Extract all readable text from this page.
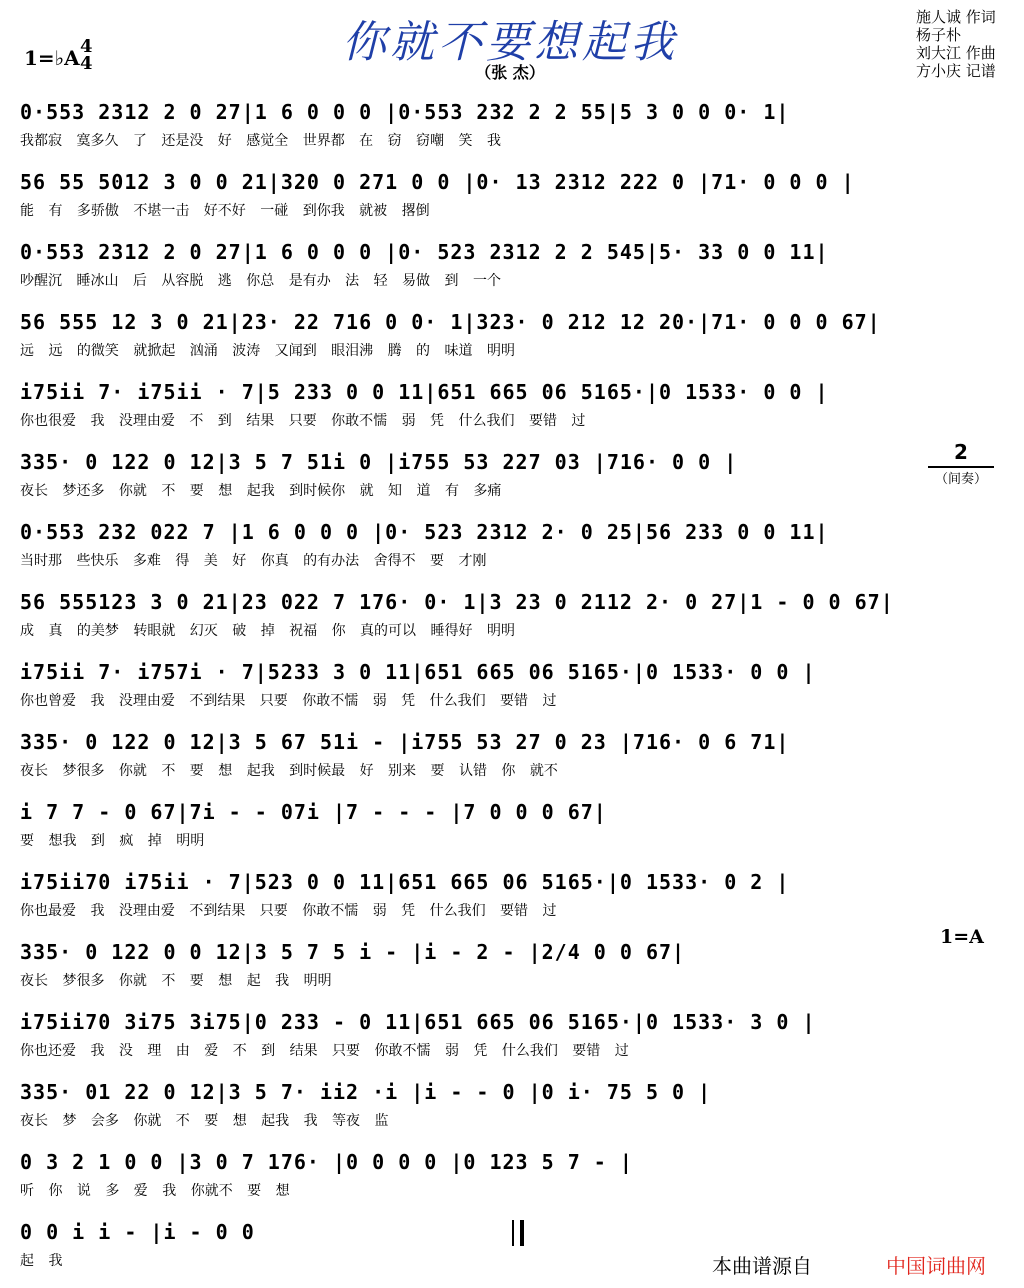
你就不要想起我
（张 杰）
1=♭A 4
4
施人诚 作词
杨子朴
刘大江 作曲
方小庆 记谱
0·553 2312 2 0 27|1 6 0 0 0 |0·553 232 2 2 55|5 3 0 0 0· 1|
我都寂 寞多久 了 还是没 好 感觉全 世界都 在 窃 窃嘲 笑 我
56 55 5012 3 0 0 21|320 0 271 0 0 |0· 13 2312 222 0 |71· 0 0 0 |
能 有 多骄傲 不堪一击 好不好 一碰 到你我 就被 撂倒
0·553 2312 2 0 27|1 6 0 0 0 |0· 523 2312 2 2 545|5· 33 0 0 11|
吵醒沉 睡冰山 后 从容脱 逃 你总 是有办 法 轻 易做 到 一个
56 555 12 3 0 21|23· 22 716 0 0· 1|323· 0 212 12 20·|71· 0 0 0 67|
远 远 的微笑 就掀起 汹涌 波涛 又闻到 眼泪沸 腾 的 味道 明明
i75ii 7· i75ii · 7|5 233 0 0 11|651 665 06 5165·|0 1533· 0 0 |
你也很爱 我 没理由爱 不 到 结果 只要 你敢不懦 弱 凭 什么我们 要错 过
335· 0 122 0 12|3 5 7 51i 0 |i755 53 227 03 |716· 0 0 |
夜长 梦还多 你就 不 要 想 起我 到时候你 就 知 道 有 多痛
0·553 232 022 7 |1 6 0 0 0 |0· 523 2312 2· 0 25|56 233 0 0 11|
当时那 些快乐 多难 得 美 好 你真 的有办法 舍得不 要 才刚
56 555123 3 0 21|23 022 7 176· 0· 1|3 23 0 2112 2· 0 27|1 - 0 0 67|
成 真 的美梦 转眼就 幻灭 破 掉 祝福 你 真的可以 睡得好 明明
i75ii 7· i757i · 7|5233 3 0 11|651 665 06 5165·|0 1533· 0 0 |
你也曾爱 我 没理由爱 不到结果 只要 你敢不懦 弱 凭 什么我们 要错 过
335· 0 122 0 12|3 5 67 51i - |i755 53 27 0 23 |716· 0 6 71|
夜长 梦很多 你就 不 要 想 起我 到时候最 好 别来 要 认错 你 就不
i 7 7 - 0 67|7i - - 07i |7 - - - |7 0 0 0 67|
要 想我 到 疯 掉 明明
i75ii70 i75ii · 7|523 0 0 11|651 665 06 5165·|0 1533· 0 2 |
你也最爱 我 没理由爱 不到结果 只要 你敢不懦 弱 凭 什么我们 要错 过
335· 0 122 0 0 12|3 5 7 5 i - |i - 2 - |2/4 0 0 67|
夜长 梦很多 你就 不 要 想 起 我 明明
i75ii70 3i75 3i75|0 233 - 0 11|651 665 06 5165·|0 1533· 3 0 |
你也还爱 我 没 理 由 爱 不 到 结果 只要 你敢不懦 弱 凭 什么我们 要错 过
335· 01 22 0 12|3 5 7· ii2 ·i |i - - 0 |0 i· 75 5 0 |
夜长 梦 会多 你就 不 要 想 起我 我 等夜 监
0 3 2 1 0 0 |3 0 7 176· |0 0 0 0 |0 123 5 7 - |
听 你 说 多 爱 我 你就不 要 想
0 0 i i - |i - 0 0
起 我
2
（间奏）
1=A
本曲谱源自	中国词曲网
